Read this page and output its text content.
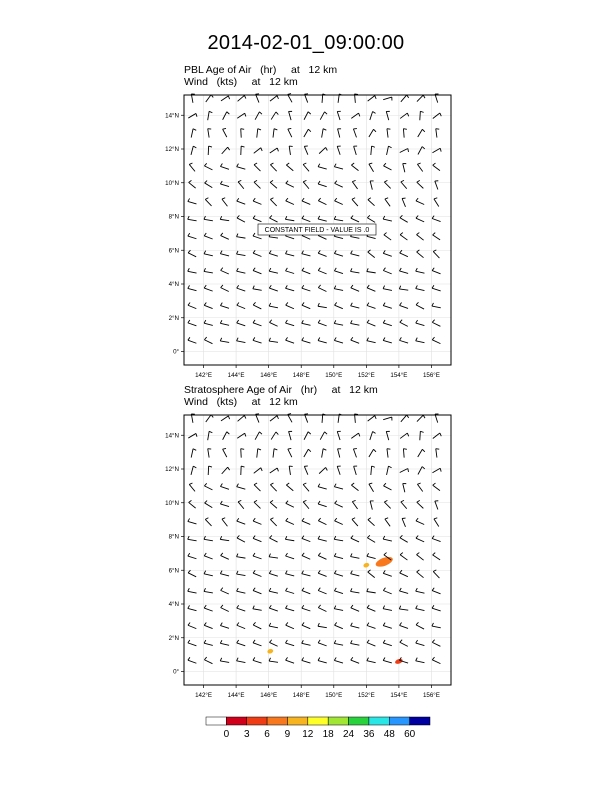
2014-02-01_09:00:00
PBL Age of Air   (hr)     at   12 km
Wind   (kts)     at   12 km
Stratosphere Age of Air   (hr)     at   12 km
Wind   (kts)     at   12 km
142°E	144°E	146°E	148°E	150°E	152°E	154°E	156°E
14°N
12°N
10°N
8°N
6°N
4°N
2°N
0°
CONSTANT FIELD - VALUE IS .0
142°E	144°E	146°E	148°E	150°E	152°E	154°E	156°E
14°N
12°N
10°N
8°N
6°N
4°N
2°N
0°
0 3 6 9 12 18 24 36 48 60
